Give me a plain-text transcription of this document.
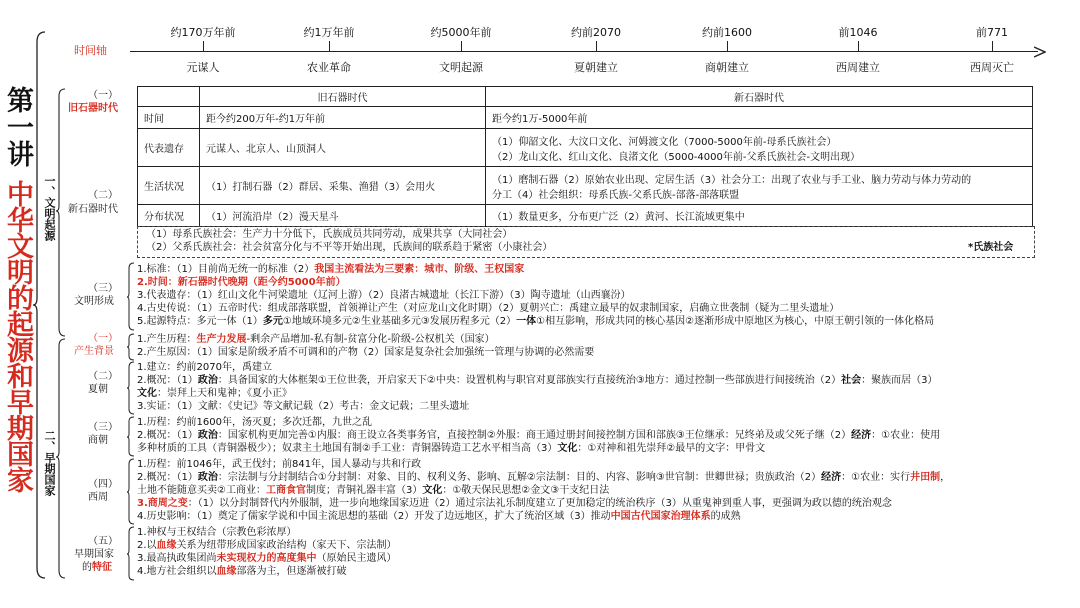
第一讲
中华文明的起源和早期国家 一、文明起源
二、早期国家
时间轴
约170万年前
元谋人
约1万年前
农业革命
约5000年前
文明起源
约前2070
夏朝建立
约前1600
商朝建立
前1046
西周建立
前771
西周灭亡
（一）
旧石器时代
（二）
新石器时代
	旧石器时代	新石器时代
时间	距今约200万年-约1万年前	距今约1万-5000年前
代表遗存	元谋人、北京人、山顶洞人	（1）仰韶文化、大汶口文化、河姆渡文化（7000-5000年前-母系氏族社会）
（2）龙山文化、红山文化、良渚文化（5000-4000年前-父系氏族社会-文明出现）

生活状况	（1）打制石器（2）群居、采集、渔猎（3）会用火	（1）磨制石器（2）原始农业出现、定居生活（3）社会分工：出现了农业与手工业、脑力劳动与体力劳动的
分工（4）社会组织：母系氏族-父系氏族-部落-部落联盟

分布状况	（1）河流沿岸（2）漫天星斗	（1）数量更多，分布更广泛（2）黄河、长江流域更集中
（1）母系氏族社会：生产力十分低下，氏族成员共同劳动，成果共享（大同社会）
（2）父系氏族社会：社会贫富分化与不平等开始出现，氏族间的联系趋于紧密（小康社会）	*氏族社会
（三）
文明形成
1.标准：（1）目前尚无统一的标准（2）我国主流看法为三要素：城市、阶级、王权国家
2.时间：新石器时代晚期（距今约5000年前）
3.代表遗存：（1）红山文化牛河梁遗址（辽河上游）（2）良渚古城遗址（长江下游）（3）陶寺遗址（山西襄汾）
4.古史传说：（1）五帝时代：组成部落联盟，首领禅让产生（对应龙山文化时期）（2）夏朝兴亡：禹建立最早的奴隶制国家，启确立世袭制（疑为二里头遗址）
5.起源特点：多元一体（1）多元①地域环境多元②生业基础多元③发展历程多元（2）一体①相互影响，形成共同的核心基因②逐渐形成中原地区为核心，中原王朝引领的一体化格局
（一）
产生背景
1.产生历程：生产力发展-剩余产品增加-私有制-贫富分化-阶级-公权机关（国家）
2.产生原因：（1）国家是阶级矛盾不可调和的产物（2）国家是复杂社会加强统一管理与协调的必然需要
（二）
夏朝
1.建立：约前2070年，禹建立
2.概况：（1）政治：具备国家的大体框架①王位世袭，开启家天下②中央：设置机构与职官对夏部族实行直接统治③地方：通过控制一些部族进行间接统治（2）社会：聚族而居（3）
文化：崇拜上天和鬼神；《夏小正》
3.实证：（1）文献：《史记》等文献记载（2）考古：金文记载；二里头遗址
（三）
商朝
1.历程：约前1600年，汤灭夏；多次迁都，九世之乱
2.概况：（1）政治：国家机构更加完善①内服：商王设立各类事务官，直接控制②外服：商王通过册封间接控制方国和部族③王位继承：兄终弟及或父死子继（2）经济：①农业：使用
多种材质的工具（青铜器极少）；奴隶主土地国有制②手工业：青铜器铸造工艺水平相当高（3）文化：①对神和祖先崇拜②最早的文字：甲骨文
（四）
西周
1.历程：前1046年，武王伐纣；前841年，国人暴动与共和行政
2.概况：（1）政治：宗法制与分封制结合①分封制：对象、目的、权利义务、影响、瓦解②宗法制：目的、内容、影响③世官制：世卿世禄；贵族政治（2）经济：①农业：实行井田制，
土地不能随意买卖②工商业：工商食官制度；青铜礼器丰富（3）文化：①敬天保民思想②金文③干支纪日法
3.商周之变：（1）以分封制替代内外服制，进一步向地缘国家迈进（2）通过宗法礼乐制度建立了更加稳定的统治秩序（3）从重鬼神到重人事，更强调为政以德的统治观念
4.历史影响：（1）奠定了儒家学说和中国主流思想的基础（2）开发了边远地区，扩大了统治区域（3）推动中国古代国家治理体系的成熟
（五）
早期国家
的特征
1.神权与王权结合（宗教色彩浓厚）
2.以血缘关系为纽带形成国家政治结构（家天下、宗法制）
3.最高执政集团尚未实现权力的高度集中（原始民主遗风）
4.地方社会组织以血缘部落为主，但逐渐被打破
